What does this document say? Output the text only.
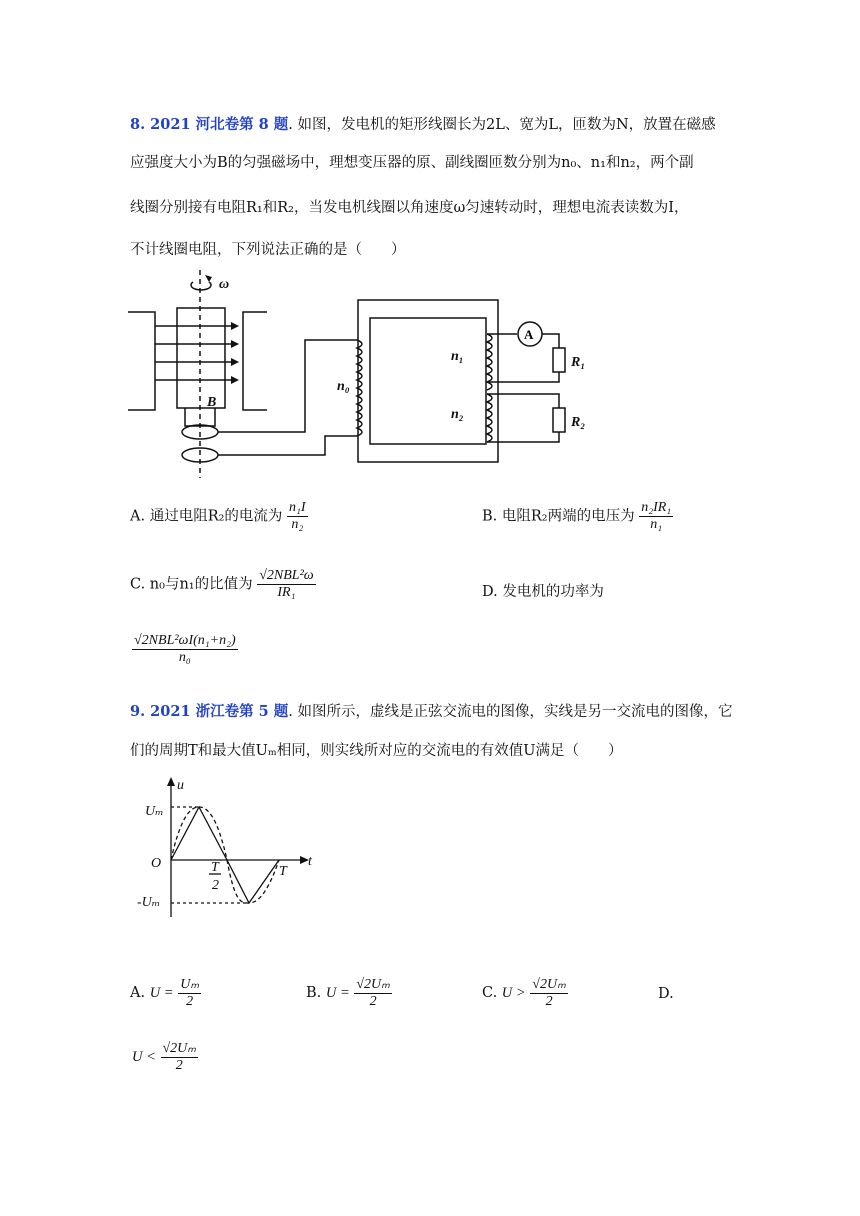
8. 2021 河北卷第 8 题. 如图，发电机的矩形线圈长为2L、宽为L，匝数为N，放置在磁感
应强度大小为B的匀强磁场中，理想变压器的原、副线圈匝数分别为n₀、n₁和n₂，两个副
线圈分别接有电阻R₁和R₂，当发电机线圈以角速度ω匀速转动时，理想电流表读数为I，
不计线圈电阻，下列说法正确的是（　　）
ω
B
n₀
n₁
n₂
R₁
R₂
A
A. 通过电阻R₂的电流为 $\frac{\text{n₁I}}{\text{n₂}}$	B. 电阻R₂两端的电压为 $\frac{\text{n₂IR₁}}{\text{n₁}}$
C. n₀与n₁的比值为 $\frac{\text{√2NBL²ω}}{\text{IR₁}}$	D. 发电机的功率为
$\frac{\text{√2NBL²ωI(n₁+n₂)}}{\text{n₀}}$
9. 2021 浙江卷第 5 题. 如图所示，虚线是正弦交流电的图像，实线是另一交流电的图像，它
们的周期T和最大值Uₘ相同，则实线所对应的交流电的有效值U满足（　　）
u
t
O
Uₘ
-Uₘ
T
T
2
A. $U = \frac{\text{Uₘ}}{2}$	B. $U = \frac{\text{√2Uₘ}}{2}$	C. $U > \frac{\text{√2Uₘ}}{2}$	D.
$U < \frac{\text{√2Uₘ}}{2}$
